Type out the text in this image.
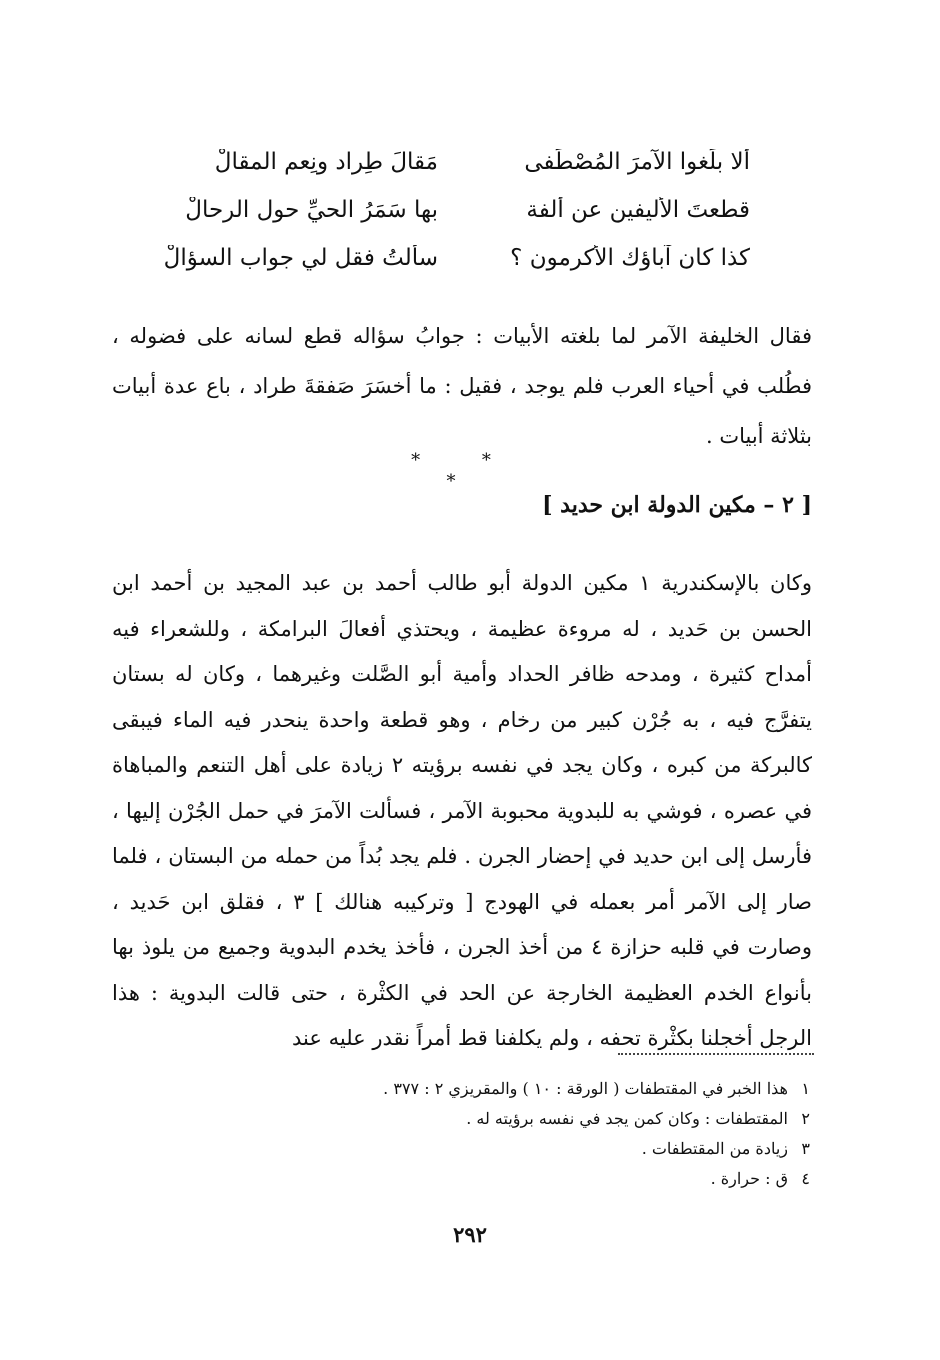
ألا بلِّغوا الآمرَ المُصْطَفى
مَقالَ طِراد ونِعم المقالْ
قطعتَ الأليفين عن ألفة
بها سَمَرُ الحيِّ حول الرحالْ
كذا كان آباؤك الأكرمون ؟
سألتُ فقل لي جواب السؤالْ

فقال الخليفة الآمر لما بلغته الأبيات : جوابُ سؤاله قطع لسانه على فضوله ، فطُلب في أحياء العرب فلم يوجد ، فقيل : ما أخسَرَ صَفقةَ طراد ، باع عدة أبيات بثلاثة أبيات .

* * *
[ ٢ – مكين الدولة ابن حديد ]

وكان بالإسكندرية ١ مكين الدولة أبو طالب أحمد بن عبد المجيد بن أحمد ابن الحسن بن حَديد ، له مروءة عظيمة ، ويحتذي أفعالَ البرامكة ، وللشعراء فيه أمداح كثيرة ، ومدحه ظافر الحداد وأمية أبو الصَّلت وغيرهما ، وكان له بستان يتفرَّج فيه ، به جُرْن كبير من رخام ، وهو قطعة واحدة ينحدر فيه الماء فيبقى كالبركة من كبره ، وكان يجد في نفسه برؤيته ٢ زيادة على أهل التنعم والمباهاة في عصره ، فوشي به للبدوية محبوبة الآمر ، فسألت الآمرَ في حمل الجُرْن إليها ، فأرسل إلى ابن حديد في إحضار الجرن . فلم يجد بُداً من حمله من البستان ، فلما صار إلى الآمر أمر بعمله في الهودج [ وتركيبه هنالك ] ٣ ، فقلق ابن حَديد ، وصارت في قلبه حزازة ٤ من أخذ الجرن ، فأخذ يخدم البدوية وجميع من يلوذ بها بأنواع الخدم العظيمة الخارجة عن الحد في الكثْرة ، حتى قالت البدوية : هذا الرجل أخجلنا بكثْرة تحفه ، ولم يكلفنا قط أمراً نقدر عليه عند

١هذا الخبر في المقتطفات ( الورقة : ١٠ ) والمقريزي ٢ : ٣٧٧ .
٢المقتطفات : وكان كمن يجد في نفسه برؤيته له .
٣زيادة من المقتطفات .
٤ق : حرارة .
٢٩٢
